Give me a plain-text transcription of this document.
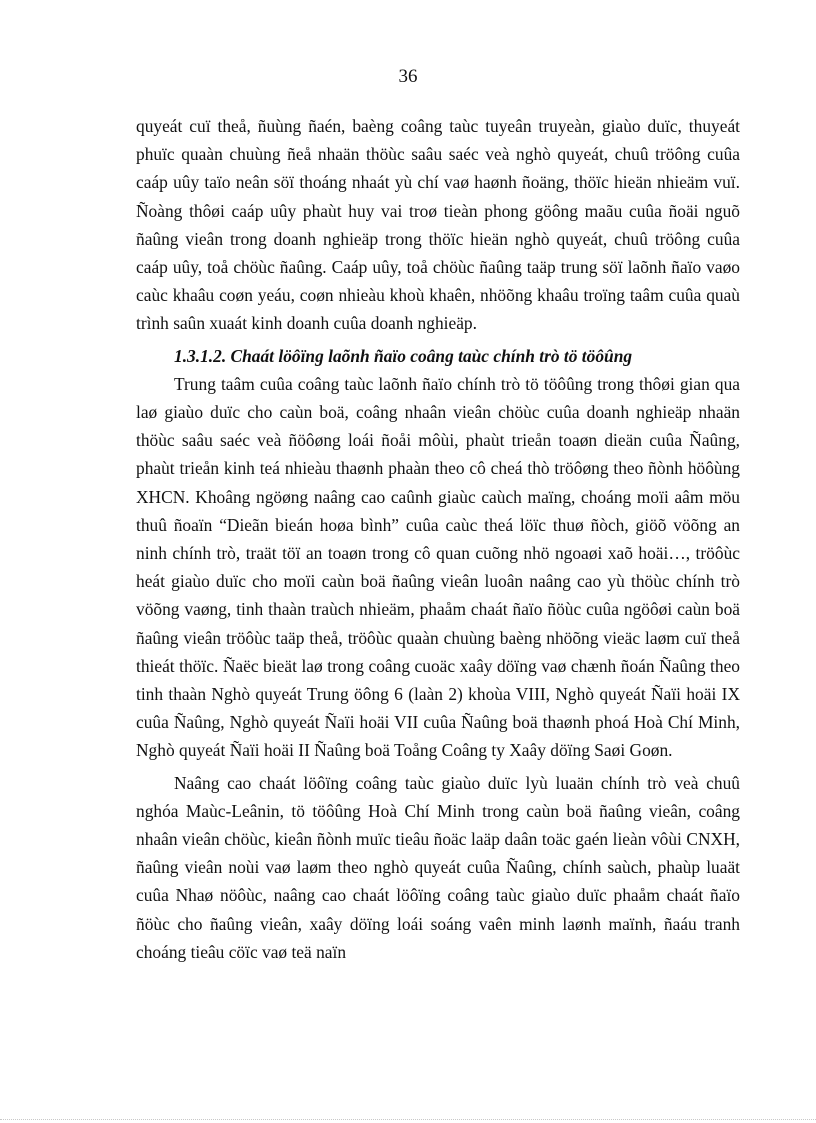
36

quyeát cuï theå, ñuùng ñaén, baèng coâng taùc tuyeân truyeàn, giaùo duïc, thuyeát phuïc quaàn chuùng ñeå nhaän thöùc saâu saéc veà nghò quyeát, chuû tröông cuûa caáp uûy taïo neân söï thoáng nhaát yù chí vaø haønh ñoäng, thöïc hieän nhieäm vuï. Ñoàng thôøi caáp uûy phaùt huy vai troø tieàn phong göông maãu cuûa ñoäi nguõ ñaûng vieân trong doanh nghieäp trong thöïc hieän nghò quyeát, chuû tröông cuûa caáp uûy, toå chöùc ñaûng. Caáp uûy, toå chöùc ñaûng taäp trung söï laõnh ñaïo vaøo caùc khaâu coøn yeáu, coøn nhieàu khoù khaên, nhöõng khaâu troïng taâm cuûa quaù trình saûn xuaát kinh doanh cuûa doanh nghieäp.

1.3.1.2. Chaát löôïng laõnh ñaïo coâng taùc chính trò tö töôûng

Trung taâm cuûa coâng taùc laõnh ñaïo chính trò tö töôûng trong thôøi gian qua laø giaùo duïc cho caùn boä, coâng nhaân vieân chöùc cuûa doanh nghieäp nhaän thöùc saâu saéc veà ñöôøng loái ñoåi môùi, phaùt trieån toaøn dieän cuûa Ñaûng, phaùt trieån kinh teá nhieàu thaønh phaàn theo cô cheá thò tröôøng theo ñònh höôùng XHCN. Khoâng ngöøng naâng cao caûnh giaùc caùch maïng, choáng moïi aâm möu thuû ñoaïn “Dieãn bieán hoøa bình” cuûa caùc theá löïc thuø ñòch, giöõ vöõng an ninh chính trò, traät töï an toaøn trong cô quan cuõng nhö ngoaøi xaõ hoäi…, tröôùc heát giaùo duïc cho moïi caùn boä ñaûng vieân luoân naâng cao yù thöùc chính trò vöõng vaøng, tinh thaàn traùch nhieäm, phaåm chaát ñaïo ñöùc cuûa ngöôøi caùn boä ñaûng vieân tröôùc taäp theå, tröôùc quaàn chuùng baèng nhöõng vieäc laøm cuï theå thieát thöïc. Ñaëc bieät laø trong coâng cuoäc xaây döïng vaø chænh ñoán Ñaûng theo tinh thaàn Nghò quyeát Trung öông 6 (laàn 2) khoùa VIII, Nghò quyeát Ñaïi hoäi IX cuûa Ñaûng, Nghò quyeát Ñaïi hoäi VII cuûa Ñaûng boä thaønh phoá Hoà Chí Minh, Nghò quyeát Ñaïi hoäi II Ñaûng boä Toång Coâng ty Xaây döïng Saøi Goøn.

Naâng cao chaát löôïng coâng taùc giaùo duïc lyù luaän chính trò veà chuû nghóa Maùc-Leânin, tö töôûng Hoà Chí Minh trong caùn boä ñaûng vieân, coâng nhaân vieân chöùc, kieân ñònh muïc tieâu ñoäc laäp daân toäc gaén lieàn vôùi CNXH, ñaûng vieân noùi vaø laøm theo nghò quyeát cuûa Ñaûng, chính saùch, phaùp luaät cuûa Nhaø nöôùc, naâng cao chaát löôïng coâng taùc giaùo duïc phaåm chaát ñaïo ñöùc cho ñaûng vieân, xaây döïng loái soáng vaên minh laønh maïnh, ñaáu tranh choáng tieâu cöïc vaø teä naïn
